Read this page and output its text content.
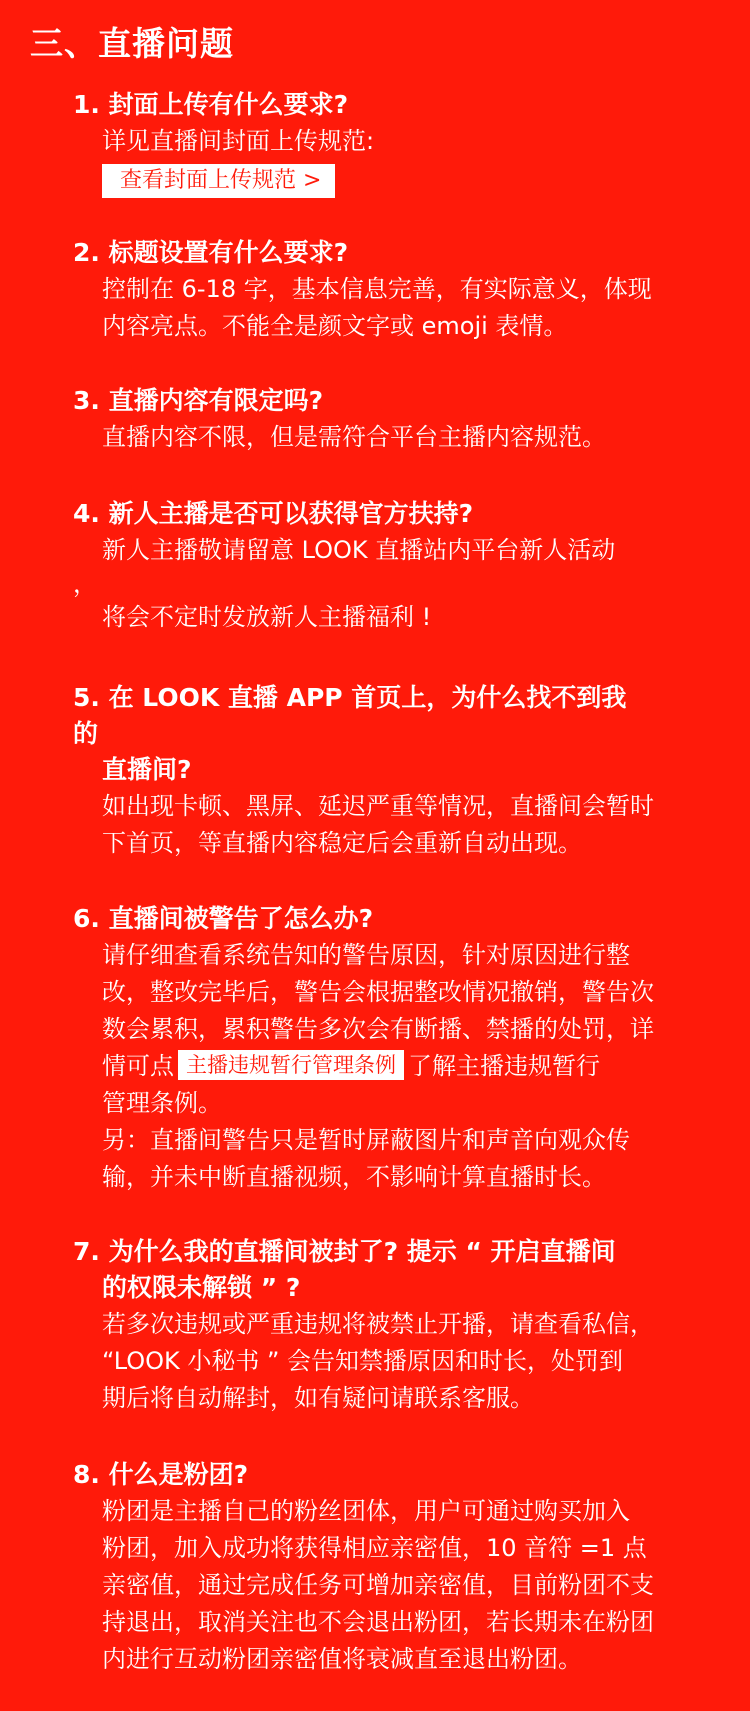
三、直播问题
1. 封面上传有什么要求?
详见直播间封面上传规范:
查看封面上传规范 >
2. 标题设置有什么要求?
控制在 6-18 字，基本信息完善，有实际意义，体现
内容亮点。不能全是颜文字或 emoji 表情。
3. 直播内容有限定吗?
直播内容不限，但是需符合平台主播内容规范。
4. 新人主播是否可以获得官方扶持?
新人主播敬请留意 LOOK 直播站内平台新人活动
，
将会不定时发放新人主播福利 !
5. 在 LOOK 直播 APP 首页上，为什么找不到我
的
直播间?
如出现卡顿、黑屏、延迟严重等情况，直播间会暂时
下首页，等直播内容稳定后会重新自动出现。
6. 直播间被警告了怎么办?
请仔细查看系统告知的警告原因，针对原因进行整
改，整改完毕后，警告会根据整改情况撤销，警告次
数会累积，累积警告多次会有断播、禁播的处罚，详
情可点 主播违规暂行管理条例 了解主播违规暂行
管理条例。
另：直播间警告只是暂时屏蔽图片和声音向观众传
输，并未中断直播视频，不影响计算直播时长。
7. 为什么我的直播间被封了? 提示 “ 开启直播间
的权限未解锁 ” ?
若多次违规或严重违规将被禁止开播，请查看私信，
“LOOK 小秘书 ” 会告知禁播原因和时长，处罚到
期后将自动解封，如有疑问请联系客服。
8. 什么是粉团?
粉团是主播自己的粉丝团体，用户可通过购买加入
粉团，加入成功将获得相应亲密值，10 音符 =1 点
亲密值，通过完成任务可增加亲密值，目前粉团不支
持退出，取消关注也不会退出粉团，若长期未在粉团
内进行互动粉团亲密值将衰减直至退出粉团。
